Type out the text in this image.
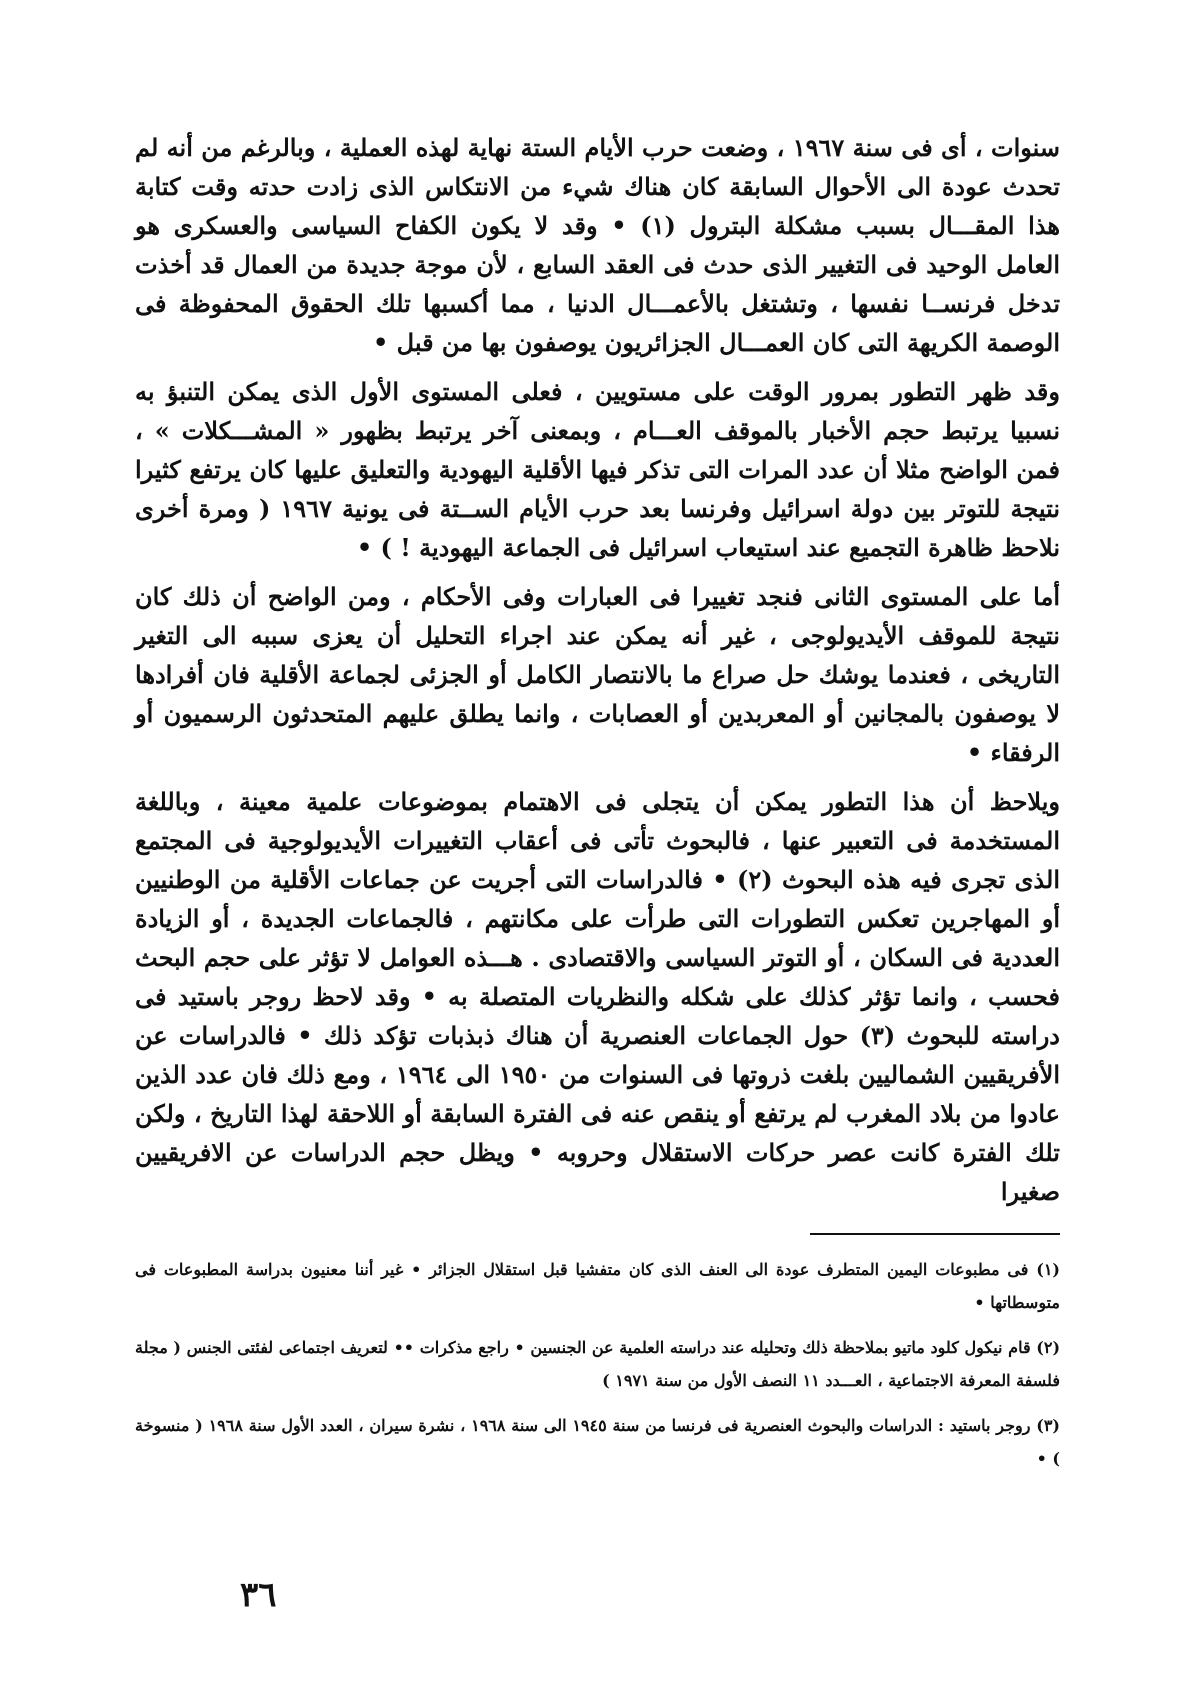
سنوات ، أى فى سنة ١٩٦٧ ، وضعت حرب الأيام الستة نهاية لهذه العملية ، وبالرغم من أنه لم تحدث عودة الى الأحوال السابقة كان هناك شيء من الانتكاس الذى زادت حدته وقت كتابة هذا المقـــال بسبب مشكلة البترول (١) • وقد لا يكون الكفاح السياسى والعسكرى هو العامل الوحيد فى التغيير الذى حدث فى العقد السابع ، لأن موجة جديدة من العمال قد أخذت تدخل فرنســا نفسها ، وتشتغل بالأعمـــال الدنيا ، مما أكسبها تلك الحقوق المحفوظة فى الوصمة الكريهة التى كان العمـــال الجزائريون يوصفون بها من قبل •

وقد ظهر التطور بمرور الوقت على مستويين ، فعلى المستوى الأول الذى يمكن التنبؤ به نسبيا يرتبط حجم الأخبار بالموقف العـــام ، وبمعنى آخر يرتبط بظهور « المشـــكلات » ، فمن الواضح مثلا أن عدد المرات التى تذكر فيها الأقلية اليهودية والتعليق عليها كان يرتفع كثيرا نتيجة للتوتر بين دولة اسرائيل وفرنسا بعد حرب الأيام الســتة فى يونية ١٩٦٧ ( ومرة أخرى نلاحظ ظاهرة التجميع عند استيعاب اسرائيل فى الجماعة اليهودية ! ) •

أما على المستوى الثانى فنجد تغييرا فى العبارات وفى الأحكام ، ومن الواضح أن ذلك كان نتيجة للموقف الأيديولوجى ، غير أنه يمكن عند اجراء التحليل أن يعزى سببه الى التغير التاريخى ، فعندما يوشك حل صراع ما بالانتصار الكامل أو الجزئى لجماعة الأقلية فان أفرادها لا يوصفون بالمجانين أو المعربدين أو العصابات ، وانما يطلق عليهم المتحدثون الرسميون أو الرفقاء •

ويلاحظ أن هذا التطور يمكن أن يتجلى فى الاهتمام بموضوعات علمية معينة ، وباللغة المستخدمة فى التعبير عنها ، فالبحوث تأتى فى أعقاب التغييرات الأيديولوجية فى المجتمع الذى تجرى فيه هذه البحوث (٢) • فالدراسات التى أجريت عن جماعات الأقلية من الوطنيين أو المهاجرين تعكس التطورات التى طرأت على مكانتهم ، فالجماعات الجديدة ، أو الزيادة العددية فى السكان ، أو التوتر السياسى والاقتصادى . هـــذه العوامل لا تؤثر على حجم البحث فحسب ، وانما تؤثر كذلك على شكله والنظريات المتصلة به • وقد لاحظ روجر باستيد فى دراسته للبحوث (٣) حول الجماعات العنصرية أن هناك ذبذبات تؤكد ذلك • فالدراسات عن الأفريقيين الشماليين بلغت ذروتها فى السنوات من ١٩٥٠ الى ١٩٦٤ ، ومع ذلك فان عدد الذين عادوا من بلاد المغرب لم يرتفع أو ينقص عنه فى الفترة السابقة أو اللاحقة لهذا التاريخ ، ولكن تلك الفترة كانت عصر حركات الاستقلال وحروبه • ويظل حجم الدراسات عن الافريقيين صغيرا

(١) فى مطبوعات اليمين المتطرف عودة الى العنف الذى كان متفشيا قبل استقلال الجزائر • غير أننا معنيون بدراسة المطبوعات فى متوسطاتها •

(٢) قام نيكول كلود ماتيو بملاحظة ذلك وتحليله عند دراسته العلمية عن الجنسين • راجع مذكرات •• لتعريف اجتماعى لفئتى الجنس ( مجلة فلسفة المعرفة الاجتماعية ، العـــدد ١١ النصف الأول من سنة ١٩٧١ )

(٣) روجر باستيد : الدراسات والبحوث العنصرية فى فرنسا من سنة ١٩٤٥ الى سنة ١٩٦٨ ، نشرة سيران ، العدد الأول سنة ١٩٦٨ ( منسوخة ) •

٣٦
